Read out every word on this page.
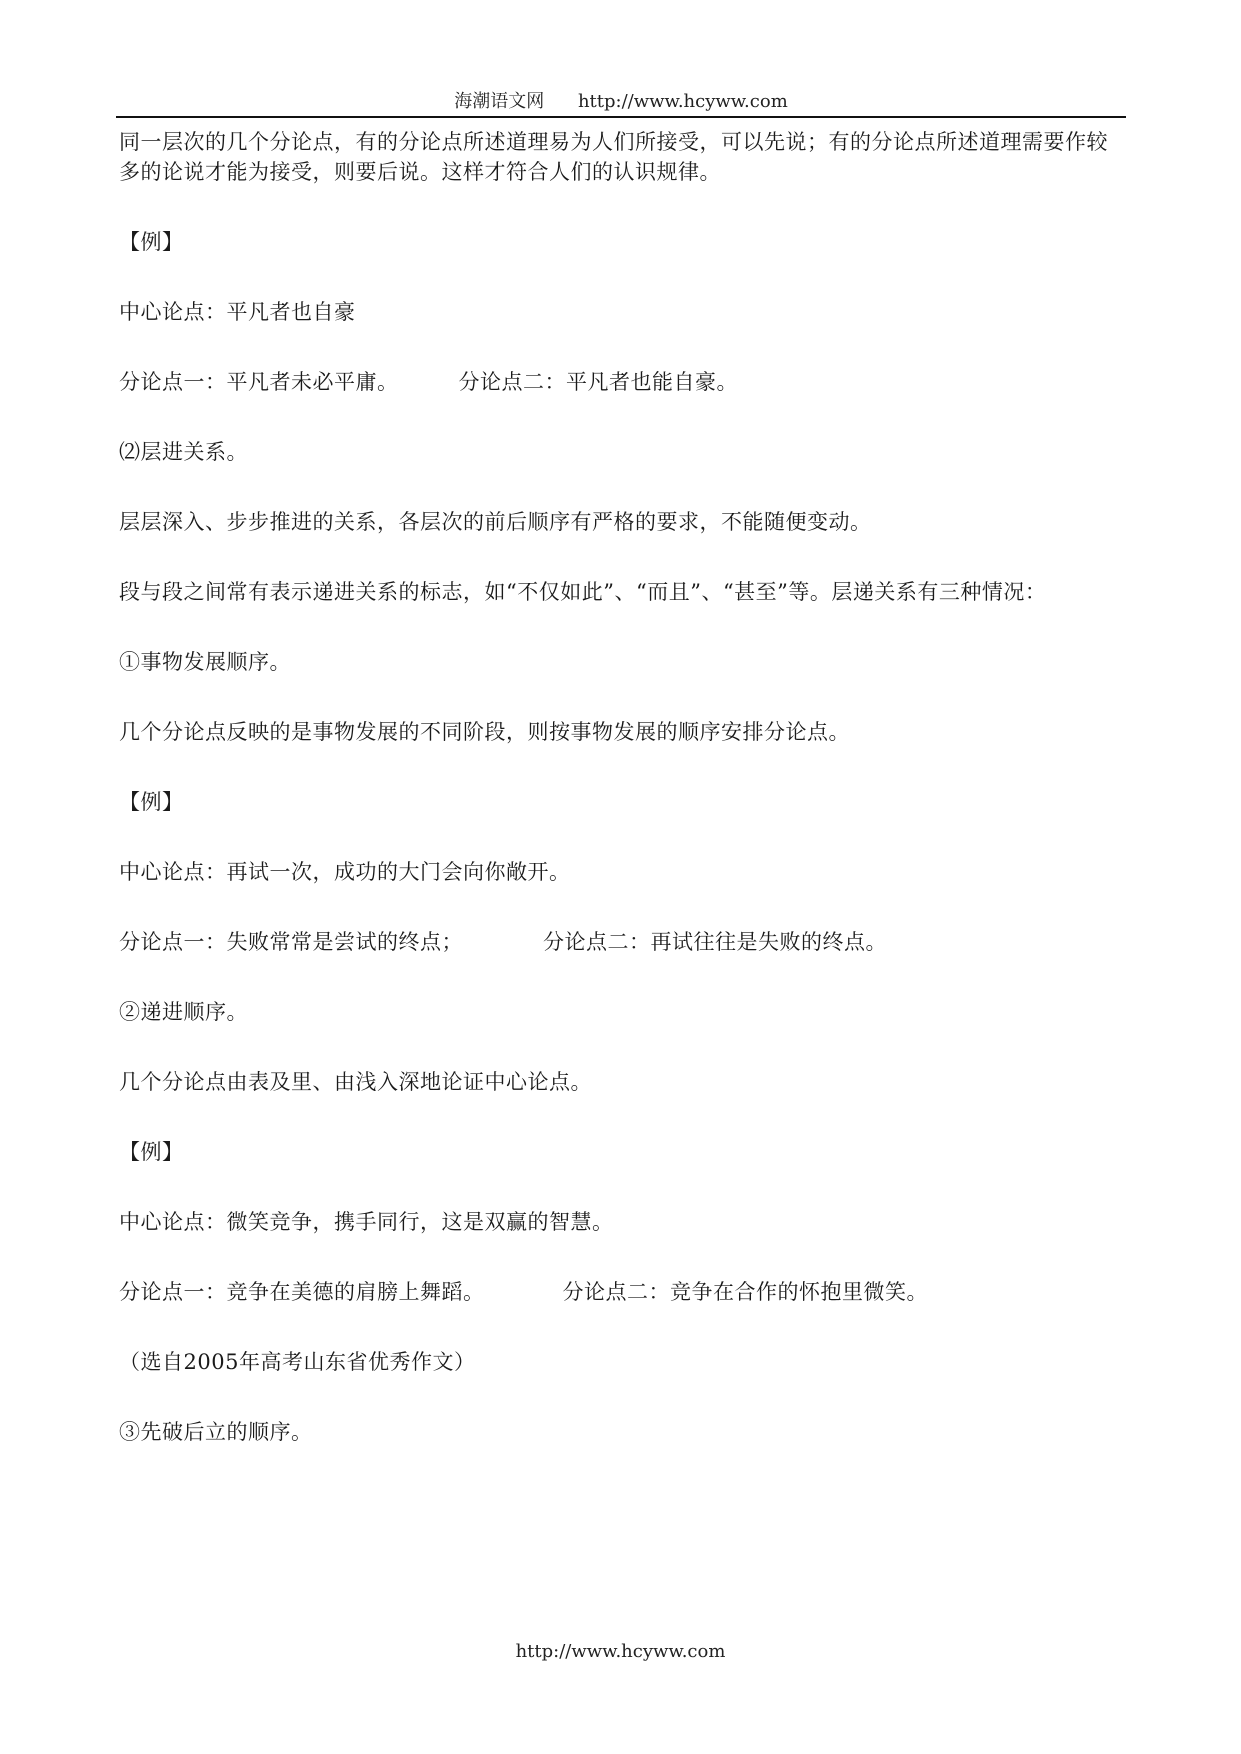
海潮语文网 http://www.hcyww.com
同一层次的几个分论点，有的分论点所述道理易为人们所接受，可以先说；有的分论点所述道理需要作较
多的论说才能为接受，则要后说。这样才符合人们的认识规律。
【例】
中心论点：平凡者也自豪
分论点一：平凡者未必平庸。	分论点二：平凡者也能自豪。
⑵层进关系。
层层深入、步步推进的关系，各层次的前后顺序有严格的要求，不能随便变动。
段与段之间常有表示递进关系的标志，如“不仅如此”、“而且”、“甚至”等。层递关系有三种情况：
①事物发展顺序。
几个分论点反映的是事物发展的不同阶段，则按事物发展的顺序安排分论点。
【例】
中心论点：再试一次，成功的大门会向你敞开。
分论点一：失败常常是尝试的终点；	分论点二：再试往往是失败的终点。
②递进顺序。
几个分论点由表及里、由浅入深地论证中心论点。
【例】
中心论点：微笑竞争，携手同行，这是双赢的智慧。
分论点一：竞争在美德的肩膀上舞蹈。	分论点二：竞争在合作的怀抱里微笑。
（选自2005年高考山东省优秀作文）
③先破后立的顺序。
http://www.hcyww.com
